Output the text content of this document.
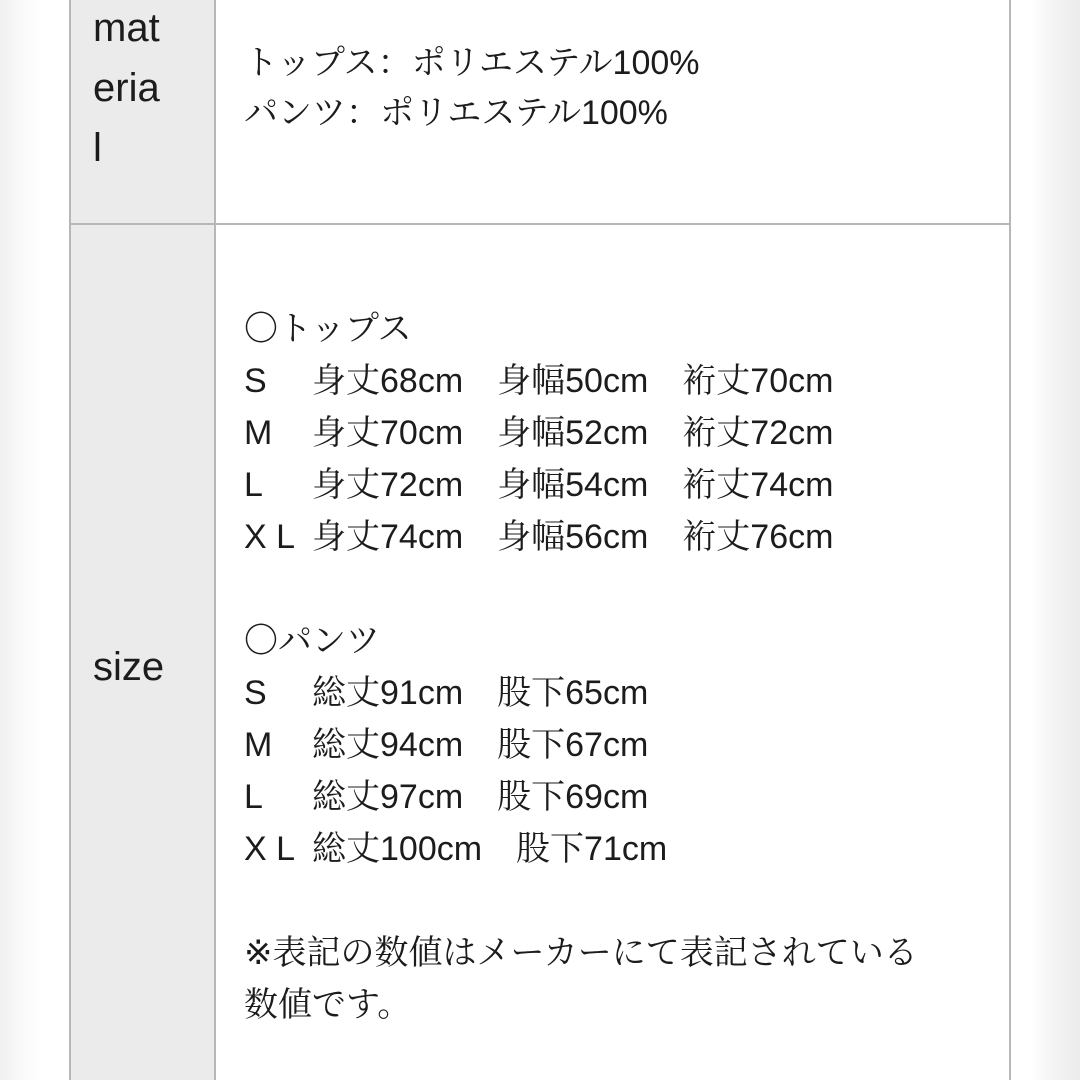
material	トップス：ポリエステル100%
パンツ：ポリエステル100%

size

〇トップス
S 身丈68cm　身幅50cm　裄丈70cm
M 身丈70cm　身幅52cm　裄丈72cm
L 身丈72cm　身幅54cm　裄丈74cm
X L 身丈74cm　身幅56cm　裄丈76cm
〇パンツ
S 総丈91cm　股下65cm
M 総丈94cm　股下67cm
L 総丈97cm　股下69cm
X L 総丈100cm　股下71cm
※表記の数値はメーカーにて表記されている
数値です。
